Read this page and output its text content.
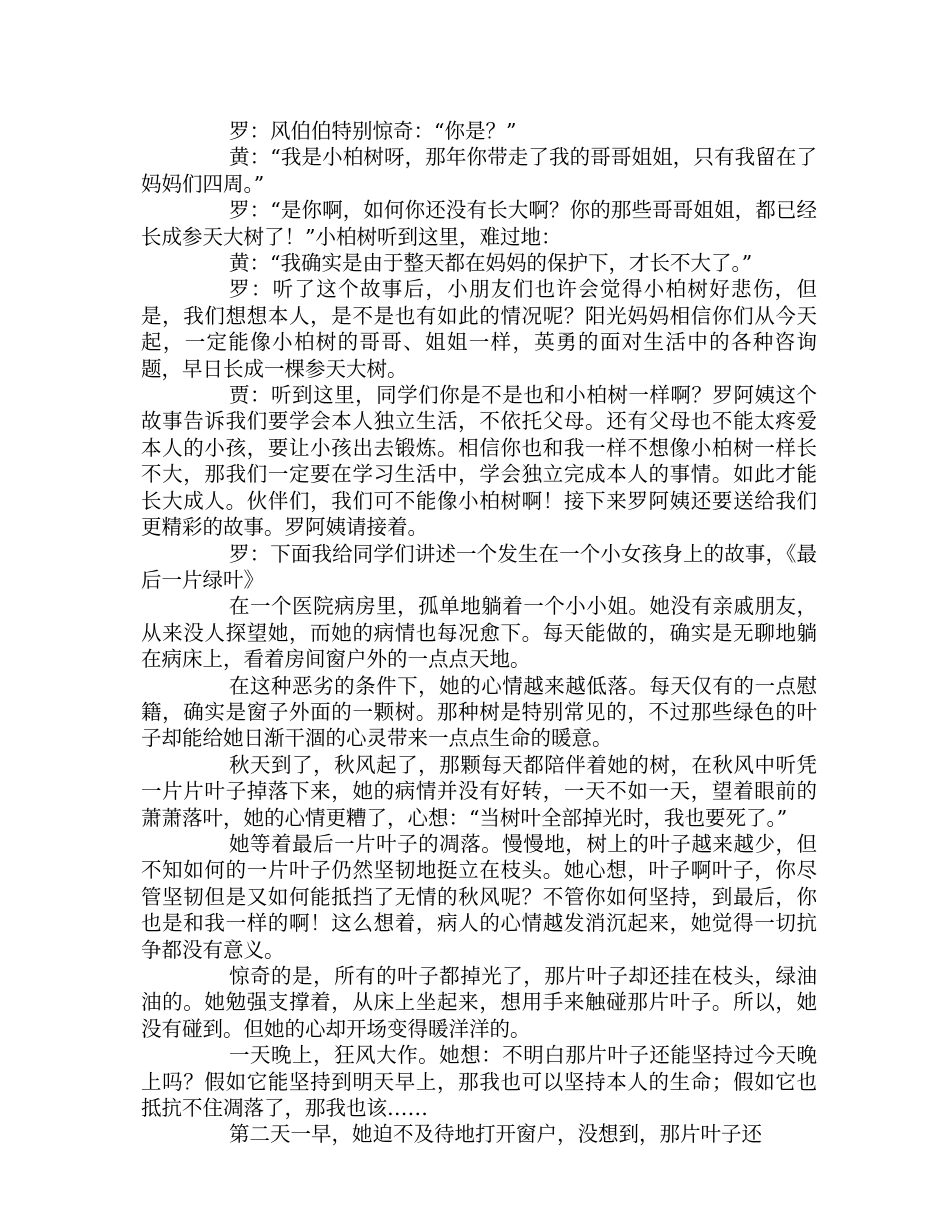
罗：风伯伯特别惊奇：“你是？”

黄：“我是小柏树呀，那年你带走了我的哥哥姐姐，只有我留在了妈妈们四周。”

罗：“是你啊，如何你还没有长大啊？你的那些哥哥姐姐，都已经长成参天大树了！”小柏树听到这里，难过地：

黄：“我确实是由于整天都在妈妈的保护下，才长不大了。”

罗：听了这个故事后，小朋友们也许会觉得小柏树好悲伤，但是，我们想想本人，是不是也有如此的情况呢？阳光妈妈相信你们从今天起，一定能像小柏树的哥哥、姐姐一样，英勇的面对生活中的各种咨询题，早日长成一棵参天大树。

贾：听到这里，同学们你是不是也和小柏树一样啊？罗阿姨这个故事告诉我们要学会本人独立生活，不依托父母。还有父母也不能太疼爱本人的小孩，要让小孩出去锻炼。相信你也和我一样不想像小柏树一样长不大，那我们一定要在学习生活中，学会独立完成本人的事情。如此才能长大成人。伙伴们，我们可不能像小柏树啊！接下来罗阿姨还要送给我们更精彩的故事。罗阿姨请接着。

罗：下面我给同学们讲述一个发生在一个小女孩身上的故事，《最后一片绿叶》

在一个医院病房里，孤单地躺着一个小小姐。她没有亲戚朋友，从来没人探望她，而她的病情也每况愈下。每天能做的，确实是无聊地躺在病床上，看着房间窗户外的一点点天地。

在这种恶劣的条件下，她的心情越来越低落。每天仅有的一点慰籍，确实是窗子外面的一颗树。那种树是特别常见的，不过那些绿色的叶子却能给她日渐干涸的心灵带来一点点生命的暖意。

秋天到了，秋风起了，那颗每天都陪伴着她的树，在秋风中听凭一片片叶子掉落下来，她的病情并没有好转，一天不如一天，望着眼前的萧萧落叶，她的心情更糟了，心想：“当树叶全部掉光时，我也要死了。”

她等着最后一片叶子的凋落。慢慢地，树上的叶子越来越少，但不知如何的一片叶子仍然坚韧地挺立在枝头。她心想，叶子啊叶子，你尽管坚韧但是又如何能抵挡了无情的秋风呢？不管你如何坚持，到最后，你也是和我一样的啊！这么想着，病人的心情越发消沉起来，她觉得一切抗争都没有意义。

惊奇的是，所有的叶子都掉光了，那片叶子却还挂在枝头，绿油油的。她勉强支撑着，从床上坐起来，想用手来触碰那片叶子。所以，她没有碰到。但她的心却开场变得暖洋洋的。

一天晚上，狂风大作。她想：不明白那片叶子还能坚持过今天晚上吗？假如它能坚持到明天早上，那我也可以坚持本人的生命；假如它也抵抗不住凋落了，那我也该……

第二天一早，她迫不及待地打开窗户，没想到，那片叶子还
